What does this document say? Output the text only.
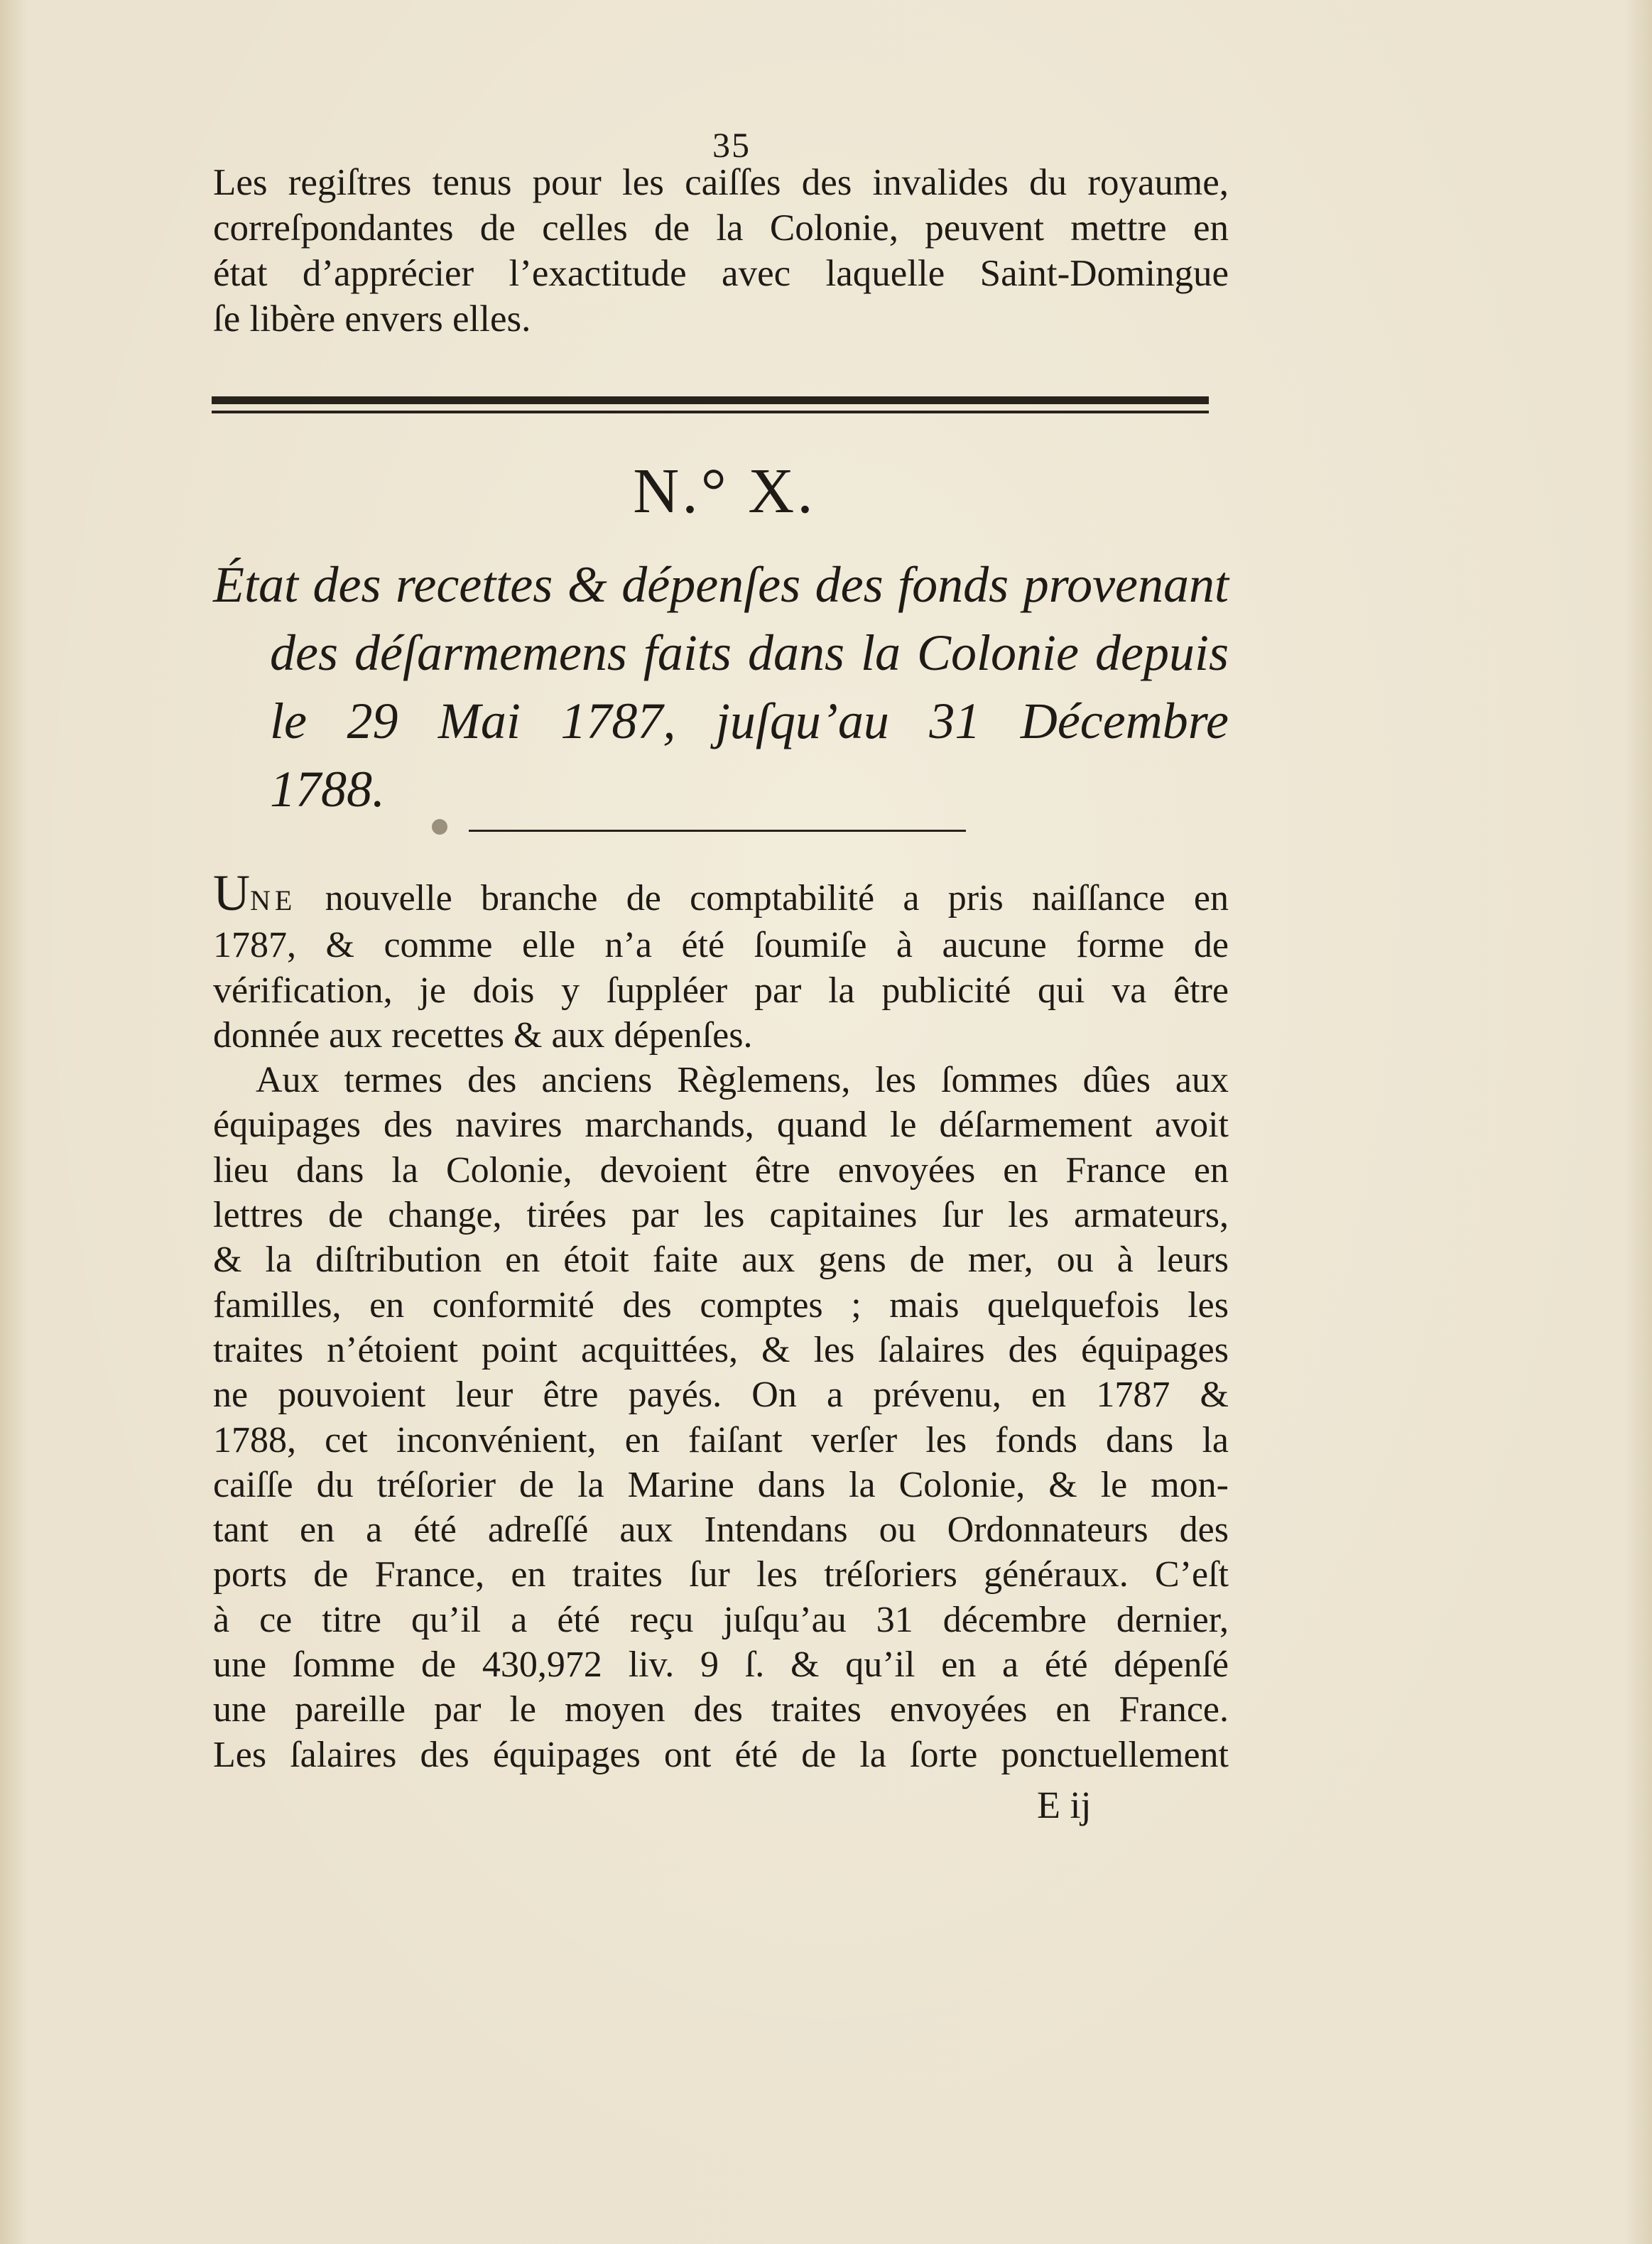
35
Les regiſtres tenus pour les caiſſes des invalides du royaume,
correſpondantes de celles de la Colonie, peuvent mettre en
état d’apprécier l’exactitude avec laquelle Saint-Domingue
ſe libère envers elles.
N.° X.
État des recettes & dépenſes des fonds provenant
des déſarmemens faits dans la Colonie depuis
le 29 Mai 1787, juſqu’au 31 Décembre
1788.
UNE nouvelle branche de comptabilité a pris naiſſance en
1787, & comme elle n’a été ſoumiſe à aucune forme de
vérification, je dois y ſuppléer par la publicité qui va être
donnée aux recettes & aux dépenſes.
Aux termes des anciens Règlemens, les ſommes dûes aux
équipages des navires marchands, quand le déſarmement avoit
lieu dans la Colonie, devoient être envoyées en France en
lettres de change, tirées par les capitaines ſur les armateurs,
& la diſtribution en étoit faite aux gens de mer, ou à leurs
familles, en conformité des comptes ; mais quelquefois les
traites n’étoient point acquittées, & les ſalaires des équipages
ne pouvoient leur être payés. On a prévenu, en 1787 &
1788, cet inconvénient, en faiſant verſer les fonds dans la
caiſſe du tréſorier de la Marine dans la Colonie, & le mon-
tant en a été adreſſé aux Intendans ou Ordonnateurs des
ports de France, en traites ſur les tréſoriers généraux. C’eſt
à ce titre qu’il a été reçu juſqu’au 31 décembre dernier,
une ſomme de 430,972 liv. 9 ſ. & qu’il en a été dépenſé
une pareille par le moyen des traites envoyées en France.
Les ſalaires des équipages ont été de la ſorte ponctuellement
E ij
